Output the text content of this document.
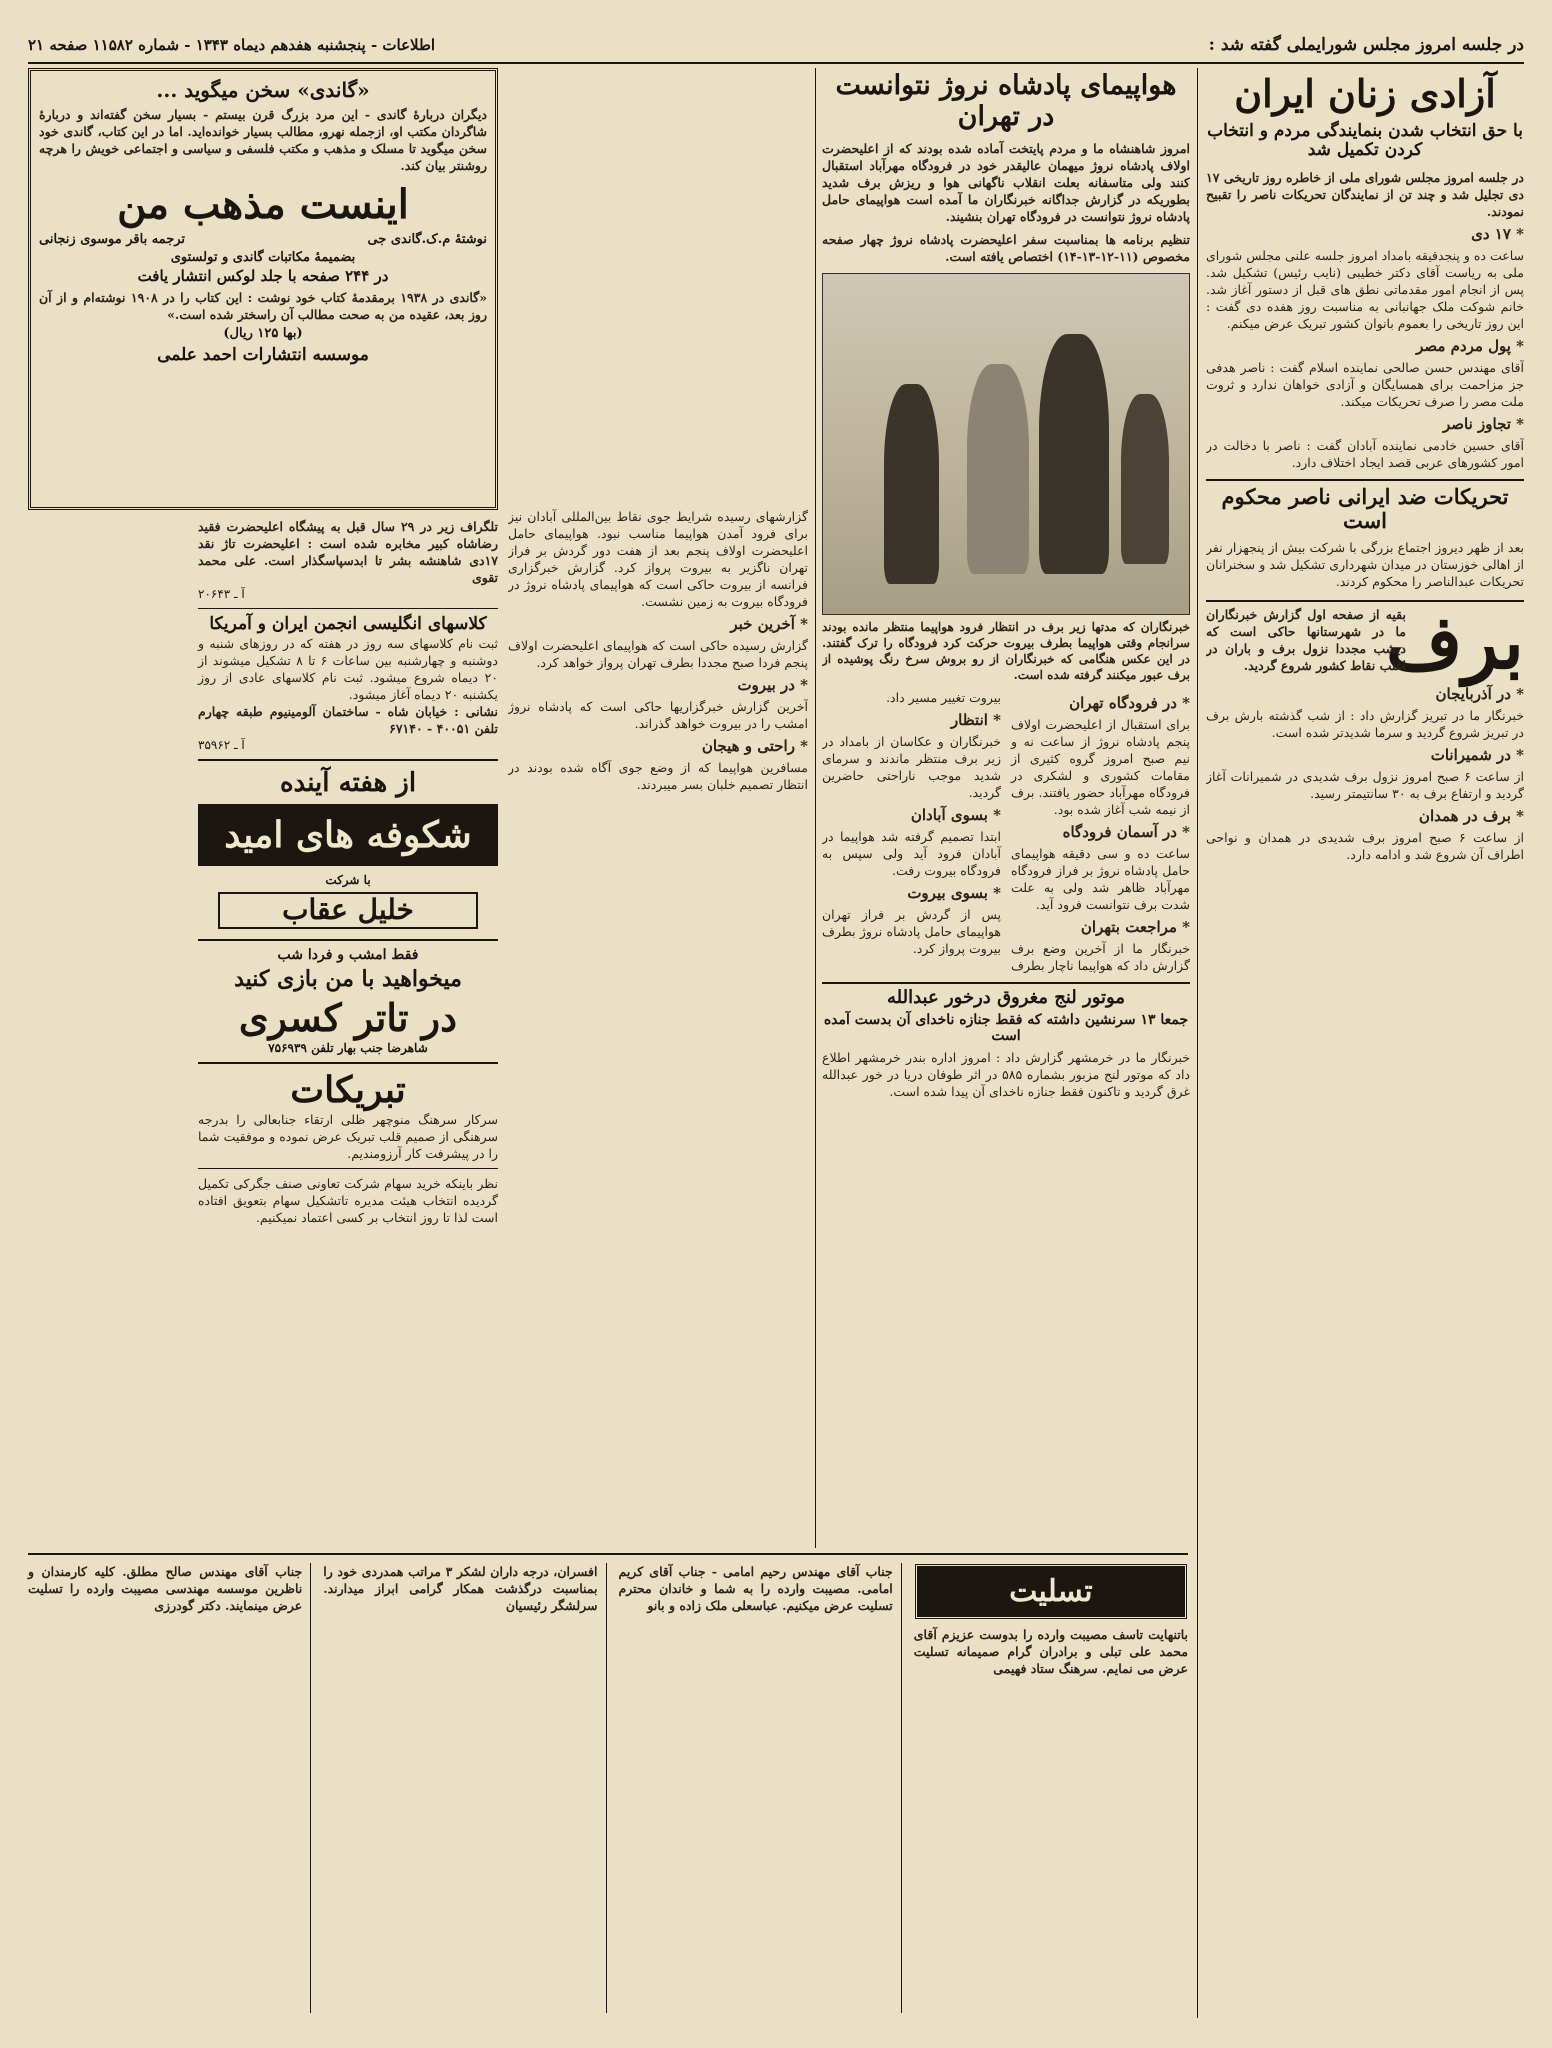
در جلسه امروز مجلس شورایملی گفته شد :
اطلاعات - پنجشنبه هفدهم دیماه ۱۳۴۳ - شماره ۱۱۵۸۲ صفحه ۲۱
آزادی زنان ایران
با حق انتخاب شدن بنمایندگی مردم و انتخاب کردن تکمیل شد

در جلسه امروز مجلس شورای ملی از خاطره روز تاریخی ۱۷ دی تجلیل شد و چند تن از نمایندگان تحریکات ناصر را تقبیح نمودند.

* ۱۷ دی

ساعت ده و پنجدقیقه بامداد امروز جلسه علنی مجلس شورای ملی به ریاست آقای دکتر خطیبی (نایب رئیس) تشکیل شد. پس از انجام امور مقدماتی نطق های قبل از دستور آغاز شد. خانم شوکت ملک جهانبانی به مناسبت روز هفده دی گفت : این روز تاریخی را بعموم بانوان کشور تبریک عرض میکنم.

* پول مردم مصر

آقای مهندس حسن صالحی نماینده اسلام گفت : ناصر هدفی جز مزاحمت برای همسایگان و آزادی خواهان ندارد و ثروت ملت مصر را صرف تحریکات میکند.

* تجاوز ناصر

آقای حسین خادمی نماینده آبادان گفت : ناصر با دخالت در امور کشورهای عربی قصد ایجاد اختلاف دارد.

تحریکات ضد ایرانی ناصر محکوم است
بعد از ظهر دیروز اجتماع بزرگی با شرکت بیش از پنجهزار نفر از اهالی خوزستان در میدان شهرداری تشکیل شد و سخنرانان تحریکات عبدالناصر را محکوم کردند.
برف
بقیه از صفحه اول گزارش خبرنگاران ما در شهرستانها حاکی است که دیشب مجددا نزول برف و باران در اغلب نقاط کشور شروع گردید.
* در آذربایجان

خبرنگار ما در تبریز گزارش داد : از شب گذشته بارش برف در تبریز شروع گردید و سرما شدیدتر شده است.

* در شمیرانات

از ساعت ۶ صبح امروز نزول برف شدیدی در شمیرانات آغاز گردید و ارتفاع برف به ۳۰ سانتیمتر رسید.

* برف در همدان

از ساعت ۶ صبح امروز برف شدیدی در همدان و نواحی اطراف آن شروع شد و ادامه دارد.

هواپیمای پادشاه نروژ نتوانست در تهران
امروز شاهنشاه ما و مردم پایتخت آماده شده بودند که از اعلیحضرت اولاف پادشاه نروژ میهمان عالیقدر خود در فرودگاه مهرآباد استقبال کنند ولی متاسفانه بعلت انقلاب ناگهانی هوا و ریزش برف شدید بطوریکه در گزارش جداگانه خبرنگاران ما آمده است هواپیمای حامل پادشاه نروژ نتوانست در فرودگاه تهران بنشیند.
تنظیم برنامه ها بمناسبت سفر اعلیحضرت پادشاه نروژ چهار صفحه مخصوص (۱۱-۱۲-۱۳-۱۴) اختصاص یافته است.
خبرنگاران که مدتها زیر برف در انتظار فرود هواپیما منتظر مانده بودند سرانجام وقتی هواپیما بطرف بیروت حرکت کرد فرودگاه را ترک گفتند. در این عکس هنگامی که خبرنگاران از رو بروش سرخ رنگ پوشیده از برف عبور میکنند گرفته شده است.
* در فرودگاه تهران

برای استقبال از اعلیحضرت اولاف پنجم پادشاه نروژ از ساعت نه و نیم صبح امروز گروه کثیری از مقامات کشوری و لشکری در فرودگاه مهرآباد حضور یافتند. برف از نیمه شب آغاز شده بود.

* در آسمان فرودگاه

ساعت ده و سی دقیقه هواپیمای حامل پادشاه نروژ بر فراز فرودگاه مهرآباد ظاهر شد ولی به علت شدت برف نتوانست فرود آید.

* مراجعت بتهران

خبرنگار ما از آخرین وضع برف گزارش داد که هواپیما ناچار بطرف بیروت تغییر مسیر داد.

* انتظار

خبرنگاران و عکاسان از بامداد در زیر برف منتظر ماندند و سرمای شدید موجب ناراحتی حاضرین گردید.

* بسوی آبادان

ابتدا تصمیم گرفته شد هواپیما در آبادان فرود آید ولی سپس به فرودگاه بیروت رفت.

* بسوی بیروت

پس از گردش بر فراز تهران هواپیمای حامل پادشاه نروژ بطرف بیروت پرواز کرد.

موتور لنج مغروق درخور عبدالله
جمعا ۱۳ سرنشین داشته که فقط جنازه ناخدای آن بدست آمده است
خبرنگار ما در خرمشهر گزارش داد : امروز اداره بندر خرمشهر اطلاع داد که موتور لنج مزبور بشماره ۵۸۵ در اثر طوفان دریا در خور عبدالله غرق گردید و تاکنون فقط جنازه ناخدای آن پیدا شده است.
گزارشهای رسیده شرایط جوی نقاط بین‌المللی آبادان نیز برای فرود آمدن هواپیما مناسب نبود. هواپیمای حامل اعلیحضرت اولاف پنجم بعد از هفت دور گردش بر فراز تهران ناگزیر به بیروت پرواز کرد. گزارش خبرگزاری فرانسه از بیروت حاکی است که هواپیمای پادشاه نروژ در فرودگاه بیروت به زمین نشست.
* آخرین خبر

گزارش رسیده حاکی است که هواپیمای اعلیحضرت اولاف پنجم فردا صبح مجددا بطرف تهران پرواز خواهد کرد.

* در بیروت

آخرین گزارش خبرگزاریها حاکی است که پادشاه نروژ امشب را در بیروت خواهد گذراند.

* راحتی و هیجان

مسافرین هواپیما که از وضع جوی آگاه شده بودند در انتظار تصمیم خلبان بسر میبردند.

«گاندی» سخن میگوید ...
دیگران دربارهٔ گاندی - این مرد بزرگ قرن بیستم - بسیار سخن گفته‌اند و دربارهٔ شاگردان مکتب او، ازجمله نهرو، مطالب بسیار خوانده‌اید. اما در این کتاب، گاندی خود سخن میگوید تا مسلک و مذهب و مکتب فلسفی و سیاسی و اجتماعی خویش را هرچه روشنتر بیان کند.
اینست مذهب من
نوشتهٔ م.ک.گاندی جی
ترجمه باقر موسوی زنجانی
بضمیمهٔ مکاتبات گاندی و تولستوی
در ۲۴۴ صفحه با جلد لوکس انتشار یافت
«گاندی در ۱۹۳۸ برمقدمهٔ کتاب خود نوشت : این کتاب را در ۱۹۰۸ نوشته‌ام و از آن روز بعد، عقیده من به صحت مطالب آن راسختر شده است.»
(بها ۱۲۵ ریال)
موسسه انتشارات احمد علمی
تلگراف زیر در ۲۹ سال قبل به پیشگاه اعلیحضرت فقید رضاشاه کبیر مخابره شده است : اعلیحضرت تاژ نقد ۱۷دی شاهنشه بشر تا ابدسپاسگذار است. علی محمد تقوی
آ ـ ۲۰۶۴۳
کلاسهای انگلیسی انجمن ایران و آمریکا
ثبت نام کلاسهای سه روز در هفته که در روزهای شنبه و دوشنبه و چهارشنبه بین ساعات ۶ تا ۸ تشکیل میشوند از ۲۰ دیماه شروع میشود. ثبت نام کلاسهای عادی از روز یکشنبه ۲۰ دیماه آغاز میشود.
نشانی : خیابان شاه - ساختمان آلومینیوم طبقه چهارم تلفن ۴۰۰۵۱ - ۶۷۱۴۰
آ ـ ۳۵۹۶۲
از هفته آینده
شکوفه های امید
با شرکت
خلیل عقاب
فقط امشب و فردا شب
میخواهید با من بازی کنید
در تاتر کسری
شاهرضا جنب بهار تلفن ۷۵۶۹۳۹
تبریکات
سرکار سرهنگ منوچهر ظلی ارتقاء جنابعالی را بدرجه سرهنگی از صمیم قلب تبریک عرض نموده و موفقیت شما را در پیشرفت کار آرزومندیم.
نظر باینکه خرید سهام شرکت تعاونی صنف جگرکی تکمیل گردیده انتخاب هیئت مدیره تاتشکیل سهام بتعویق افتاده است لذا تا روز انتخاب بر کسی اعتماد نمیکنیم.
تسلیت
باتنهایت تاسف مصیبت وارده را بدوست عزیزم آقای محمد علی تبلی و برادران گرام صمیمانه تسلیت عرض می نمایم. سرهنگ ستاد فهیمی
جناب آقای مهندس رحیم امامی - جناب آقای کریم امامی. مصیبت وارده را به شما و خاندان محترم تسلیت عرض میکنیم. عباسعلی ملک زاده و بانو
افسران، درجه داران لشکر ۳ مراتب همدردی خود را بمناسبت درگذشت همکار گرامی ابراز میدارند. سرلشگر رئیسیان
جناب آقای مهندس صالح مطلق. کلیه کارمندان و ناظرین موسسه مهندسی مصیبت وارده را تسلیت عرض مینمایند. دکتر گودرزی
